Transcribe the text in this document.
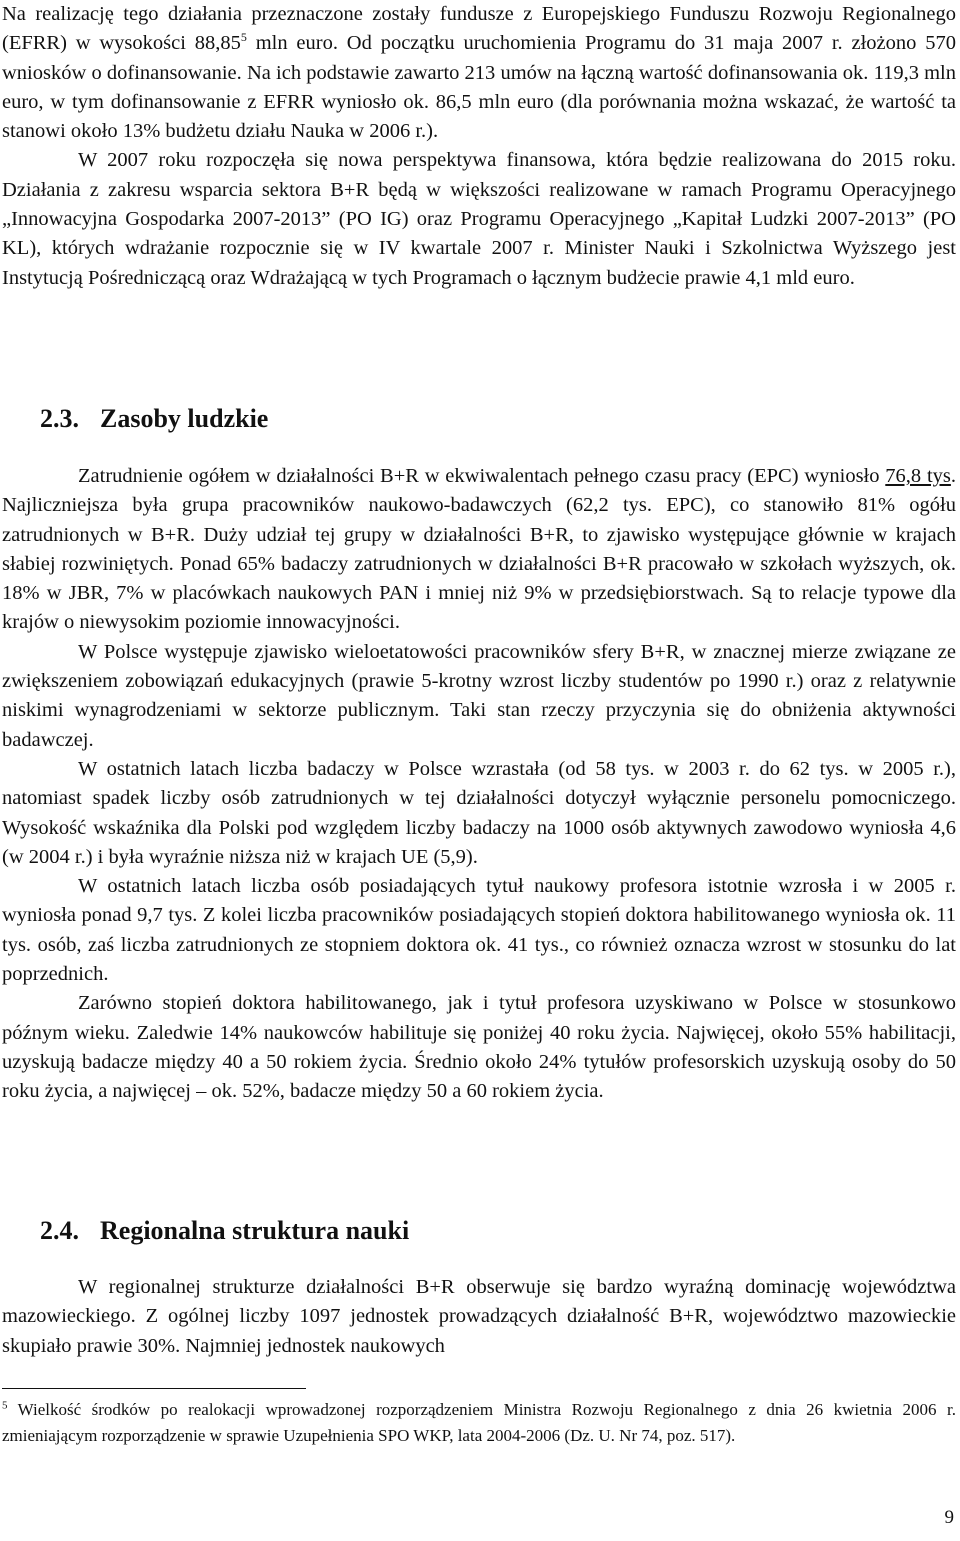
Na realizację tego działania przeznaczone zostały fundusze z Europejskiego Funduszu Rozwoju Regionalnego (EFRR) w wysokości 88,85$^5$ mln euro. Od początku uruchomienia Programu do 31 maja 2007 r. złożono 570 wniosków o dofinansowanie. Na ich podstawie zawarto 213 umów na łączną wartość dofinansowania ok. 119,3 mln euro, w tym dofinansowanie z EFRR wyniosło ok. 86,5 mln euro (dla porównania można wskazać, że wartość ta stanowi około 13% budżetu działu Nauka w 2006 r.).

W 2007 roku rozpoczęła się nowa perspektywa finansowa, która będzie realizowana do 2015 roku. Działania z zakresu wsparcia sektora B+R będą w większości realizowane w ramach Programu Operacyjnego „Innowacyjna Gospodarka 2007-2013” (PO IG) oraz Programu Operacyjnego „Kapitał Ludzki 2007-2013” (PO KL), których wdrażanie rozpocznie się w IV kwartale 2007 r. Minister Nauki i Szkolnictwa Wyższego jest Instytucją Pośredniczącą oraz Wdrażającą w tych Programach o łącznym budżecie prawie 4,1 mld euro.

2.3. Zasoby ludzkie

Zatrudnienie ogółem w działalności B+R w ekwiwalentach pełnego czasu pracy (EPC) wyniosło 76,8 tys. Najliczniejsza była grupa pracowników naukowo-badawczych (62,2 tys. EPC), co stanowiło 81% ogółu zatrudnionych w B+R. Duży udział tej grupy w działalności B+R, to zjawisko występujące głównie w krajach słabiej rozwiniętych. Ponad 65% badaczy zatrudnionych w działalności B+R pracowało w szkołach wyższych, ok. 18% w JBR, 7% w placówkach naukowych PAN i mniej niż 9% w przedsiębiorstwach. Są to relacje typowe dla krajów o niewysokim poziomie innowacyjności.

W Polsce występuje zjawisko wieloetatowości pracowników sfery B+R, w znacznej mierze związane ze zwiększeniem zobowiązań edukacyjnych (prawie 5-krotny wzrost liczby studentów po 1990 r.) oraz z relatywnie niskimi wynagrodzeniami w sektorze publicznym. Taki stan rzeczy przyczynia się do obniżenia aktywności badawczej.

W ostatnich latach liczba badaczy w Polsce wzrastała (od 58 tys. w 2003 r. do 62 tys. w 2005 r.), natomiast spadek liczby osób zatrudnionych w tej działalności dotyczył wyłącznie personelu pomocniczego. Wysokość wskaźnika dla Polski pod względem liczby badaczy na 1000 osób aktywnych zawodowo wyniosła 4,6 (w 2004 r.) i była wyraźnie niższa niż w krajach UE (5,9).

W ostatnich latach liczba osób posiadających tytuł naukowy profesora istotnie wzrosła i w 2005 r. wyniosła ponad 9,7 tys. Z kolei liczba pracowników posiadających stopień doktora habilitowanego wyniosła ok. 11 tys. osób, zaś liczba zatrudnionych ze stopniem doktora ok. 41 tys., co również oznacza wzrost w stosunku do lat poprzednich.

Zarówno stopień doktora habilitowanego, jak i tytuł profesora uzyskiwano w Polsce w stosunkowo późnym wieku. Zaledwie 14% naukowców habilituje się poniżej 40 roku życia. Najwięcej, około 55% habilitacji, uzyskują badacze między 40 a 50 rokiem życia. Średnio około 24% tytułów profesorskich uzyskują osoby do 50 roku życia, a najwięcej – ok. 52%, badacze między 50 a 60 rokiem życia.

2.4. Regionalna struktura nauki

W regionalnej strukturze działalności B+R obserwuje się bardzo wyraźną dominację województwa mazowieckiego. Z ogólnej liczby 1097 jednostek prowadzących działalność B+R, województwo mazowieckie skupiało prawie 30%. Najmniej jednostek naukowych

$^5$ Wielkość środków po realokacji wprowadzonej rozporządzeniem Ministra Rozwoju Regionalnego z dnia 26 kwietnia 2006 r. zmieniającym rozporządzenie w sprawie Uzupełnienia SPO WKP, lata 2004-2006 (Dz. U. Nr 74, poz. 517).

9
